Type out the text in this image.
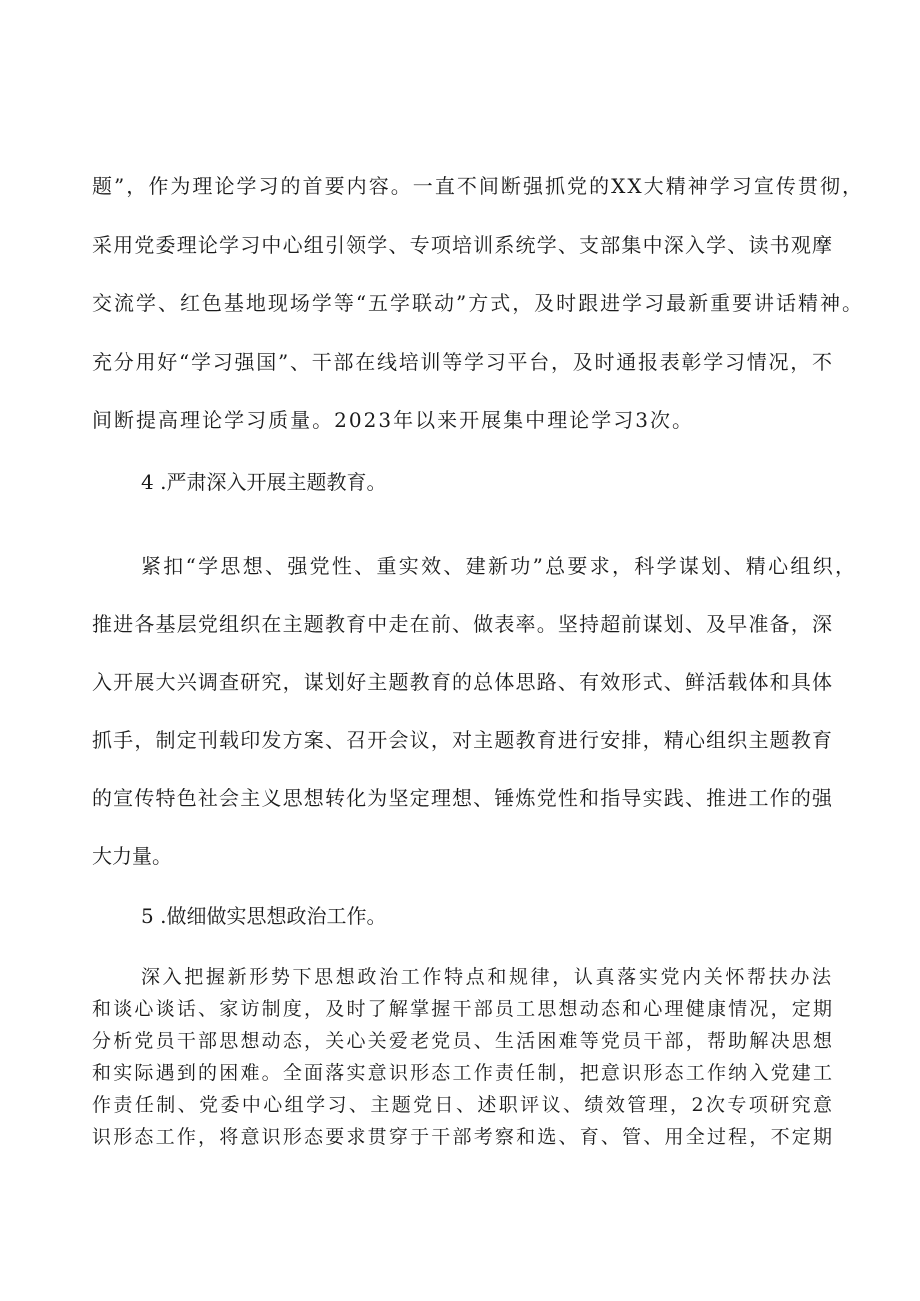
题”，作为理论学习的首要内容。一直不间断强抓党的XX大精神学习宣传贯彻，
采用党委理论学习中心组引领学、专项培训系统学、支部集中深入学、读书观摩
交流学、红色基地现场学等“五学联动”方式，及时跟进学习最新重要讲话精神。
充分用好“学习强国”、干部在线培训等学习平台，及时通报表彰学习情况，不
间断提高理论学习质量。2023年以来开展集中理论学习3次。
4 .严肃深入开展主题教育。
紧扣“学思想、强党性、重实效、建新功”总要求，科学谋划、精心组织，
推进各基层党组织在主题教育中走在前、做表率。坚持超前谋划、及早准备，深
入开展大兴调查研究，谋划好主题教育的总体思路、有效形式、鲜活载体和具体
抓手，制定刊载印发方案、召开会议，对主题教育进行安排，精心组织主题教育
的宣传特色社会主义思想转化为坚定理想、锤炼党性和指导实践、推进工作的强
大力量。
5 .做细做实思想政治工作。
深入把握新形势下思想政治工作特点和规律，认真落实党内关怀帮扶办法
和谈心谈话、家访制度，及时了解掌握干部员工思想动态和心理健康情况，定期
分析党员干部思想动态，关心关爱老党员、生活困难等党员干部，帮助解决思想
和实际遇到的困难。全面落实意识形态工作责任制，把意识形态工作纳入党建工
作责任制、党委中心组学习、主题党日、述职评议、绩效管理，2次专项研究意
识形态工作，将意识形态要求贯穿于干部考察和选、育、管、用全过程，不定期
